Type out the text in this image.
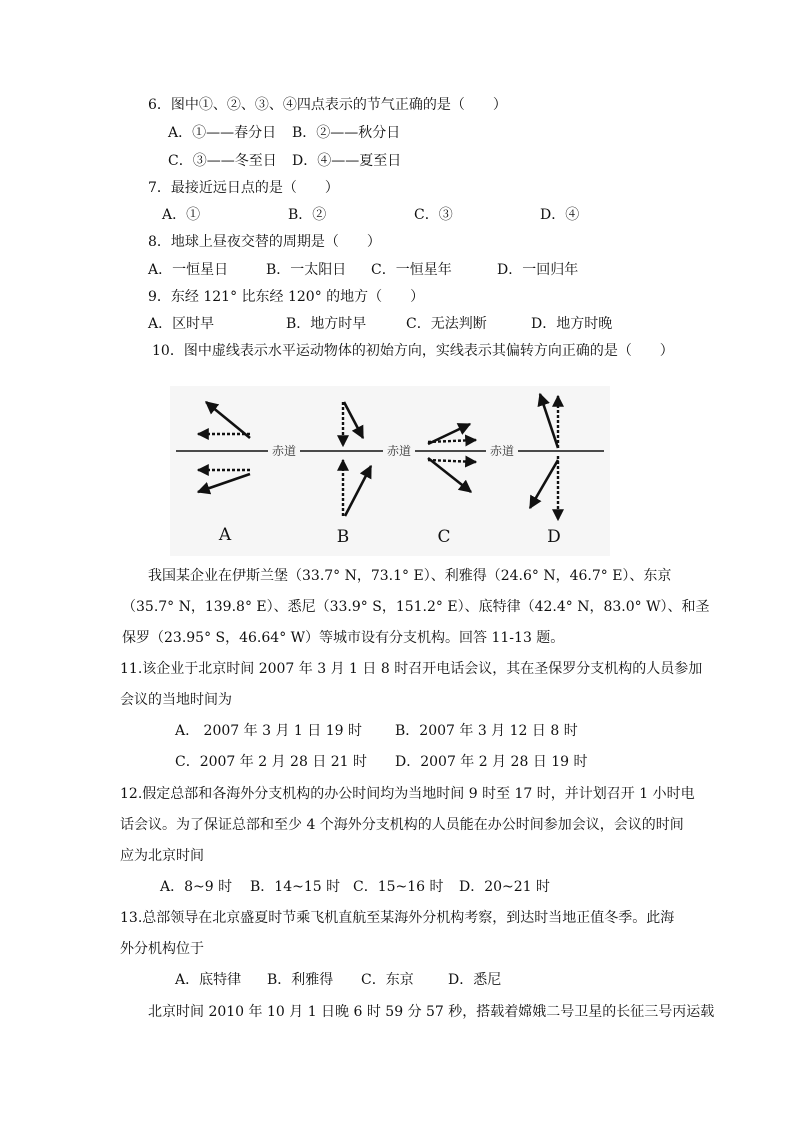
6．图中①、②、③、④四点表示的节气正确的是（　　）
A．①——春分日 B．②——秋分日
C．③——冬至日 D．④——夏至日
7．最接近远日点的是（　　）
A．①	B．②	C．③	D．④
8．地球上昼夜交替的周期是（　　）
A．一恒星日	B．一太阳日 C．一恒星年	D．一回归年
9．东经 121° 比东经 120° 的地方（　　）
A．区时早	B．地方时早	C．无法判断	D．地方时晚
10．图中虚线表示水平运动物体的初始方向，实线表示其偏转方向正确的是（　　）
赤道	赤道	赤道
A	B	C	D
我国某企业在伊斯兰堡（33.7° N，73.1° E）、利雅得（24.6° N，46.7° E）、东京
（35.7° N，139.8° E）、悉尼（33.9° S，151.2° E）、底特律（42.4° N，83.0° W）、和圣
保罗（23.95° S，46.64° W）等城市设有分支机构。回答 11-13 题。
11.该企业于北京时间 2007 年 3 月 1 日 8 时召开电话会议，其在圣保罗分支机构的人员参加
会议的当地时间为
A.　2007 年 3 月 1 日 19 时 B．2007 年 3 月 12 日 8 时
C．2007 年 2 月 28 日 21 时 D．2007 年 2 月 28 日 19 时
12.假定总部和各海外分支机构的办公时间均为当地时间 9 时至 17 时，并计划召开 1 小时电
话会议。为了保证总部和至少 4 个海外分支机构的人员能在办公时间参加会议，会议的时间
应为北京时间
A．8~9 时 B．14~15 时 C．15~16 时 D．20~21 时
13.总部领导在北京盛夏时节乘飞机直航至某海外分机构考察，到达时当地正值冬季。此海
外分机构位于
A．底特律 B．利雅得 C．东京 D．悉尼
北京时间 2010 年 10 月 1 日晚 6 时 59 分 57 秒，搭载着嫦娥二号卫星的长征三号丙运载
